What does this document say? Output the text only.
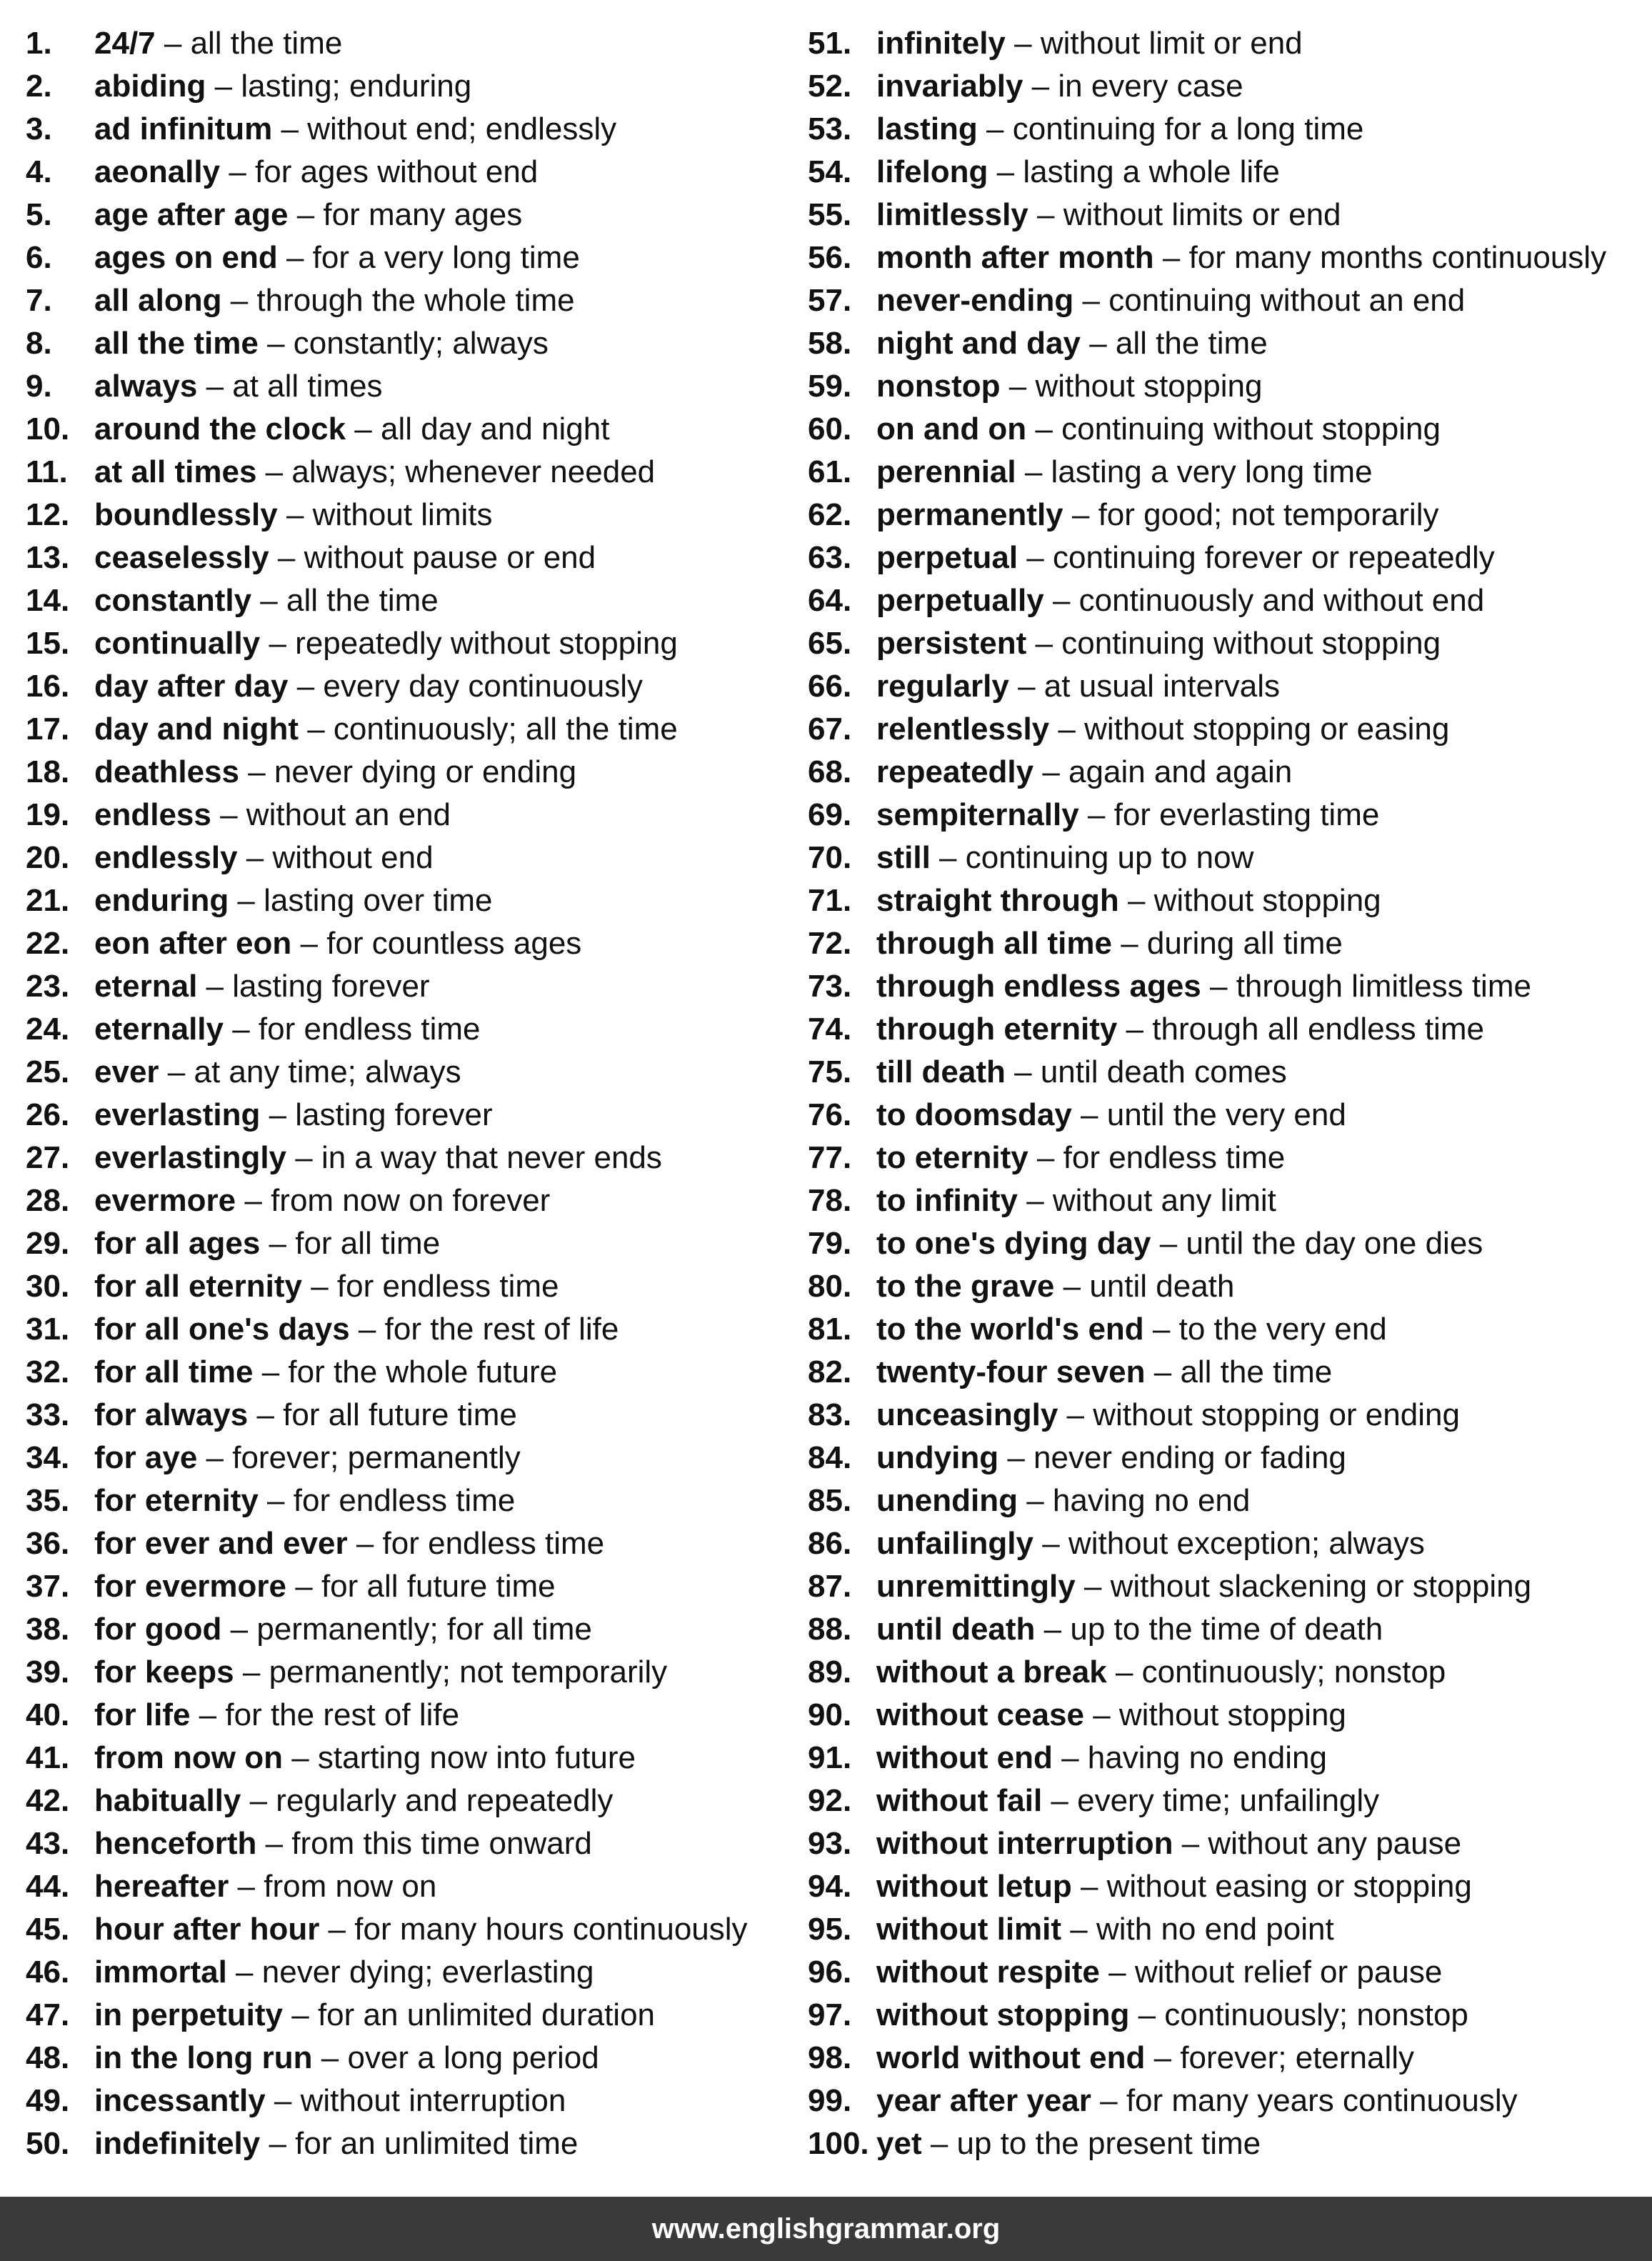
1.	24/7 – all the time
2.	abiding – lasting; enduring
3.	ad infinitum – without end; endlessly
4.	aeonally – for ages without end
5.	age after age – for many ages
6.	ages on end – for a very long time
7.	all along – through the whole time
8.	all the time – constantly; always
9.	always – at all times
10. around the clock – all day and night
11. at all times – always; whenever needed
12. boundlessly – without limits
13. ceaselessly – without pause or end
14. constantly – all the time
15. continually – repeatedly without stopping
16. day after day – every day continuously
17. day and night – continuously; all the time
18. deathless – never dying or ending
19. endless – without an end
20. endlessly – without end
21. enduring – lasting over time
22. eon after eon – for countless ages
23. eternal – lasting forever
24. eternally – for endless time
25. ever – at any time; always
26. everlasting – lasting forever
27. everlastingly – in a way that never ends
28. evermore – from now on forever
29. for all ages – for all time
30. for all eternity – for endless time
31. for all one's days – for the rest of life
32. for all time – for the whole future
33. for always – for all future time
34. for aye – forever; permanently
35. for eternity – for endless time
36. for ever and ever – for endless time
37. for evermore – for all future time
38. for good – permanently; for all time
39. for keeps – permanently; not temporarily
40. for life – for the rest of life
41. from now on – starting now into future
42. habitually – regularly and repeatedly
43. henceforth – from this time onward
44. hereafter – from now on
45. hour after hour – for many hours continuously
46. immortal – never dying; everlasting
47. in perpetuity – for an unlimited duration
48. in the long run – over a long period
49. incessantly – without interruption
50. indefinitely – for an unlimited time
51. infinitely – without limit or end
52. invariably – in every case
53. lasting – continuing for a long time
54. lifelong – lasting a whole life
55. limitlessly – without limits or end
56. month after month – for many months continuously
57. never-ending – continuing without an end
58. night and day – all the time
59. nonstop – without stopping
60. on and on – continuing without stopping
61. perennial – lasting a very long time
62. permanently – for good; not temporarily
63. perpetual – continuing forever or repeatedly
64. perpetually – continuously and without end
65. persistent – continuing without stopping
66. regularly – at usual intervals
67. relentlessly – without stopping or easing
68. repeatedly – again and again
69. sempiternally – for everlasting time
70. still – continuing up to now
71. straight through – without stopping
72. through all time – during all time
73. through endless ages – through limitless time
74. through eternity – through all endless time
75. till death – until death comes
76. to doomsday – until the very end
77. to eternity – for endless time
78. to infinity – without any limit
79. to one's dying day – until the day one dies
80. to the grave – until death
81. to the world's end – to the very end
82. twenty-four seven – all the time
83. unceasingly – without stopping or ending
84. undying – never ending or fading
85. unending – having no end
86. unfailingly – without exception; always
87. unremittingly – without slackening or stopping
88. until death – up to the time of death
89. without a break – continuously; nonstop
90. without cease – without stopping
91. without end – having no ending
92. without fail – every time; unfailingly
93. without interruption – without any pause
94. without letup – without easing or stopping
95. without limit – with no end point
96. without respite – without relief or pause
97. without stopping – continuously; nonstop
98. world without end – forever; eternally
99. year after year – for many years continuously
100. yet – up to the present time
www.englishgrammar.org
